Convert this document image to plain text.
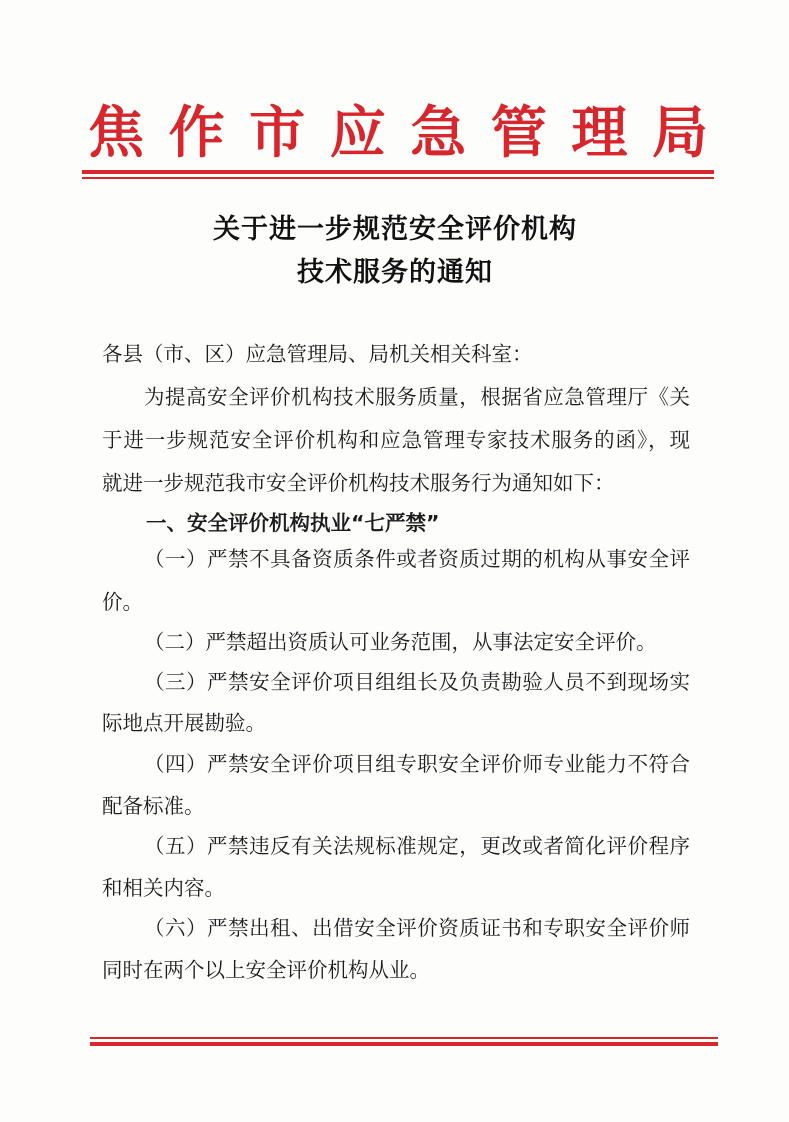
焦 作 市 应 急 管 理 局
关于进一步规范安全评价机构
技术服务的通知
各县（市、区）应急管理局、局机关相关科室：
为提高安全评价机构技术服务质量，根据省应急管理厅《关
于进一步规范安全评价机构和应急管理专家技术服务的函》，现
就进一步规范我市安全评价机构技术服务行为通知如下：
一、安全评价机构执业“七严禁”
（一）严禁不具备资质条件或者资质过期的机构从事安全评
价。
（二）严禁超出资质认可业务范围，从事法定安全评价。
（三）严禁安全评价项目组组长及负责勘验人员不到现场实
际地点开展勘验。
（四）严禁安全评价项目组专职安全评价师专业能力不符合
配备标准。
（五）严禁违反有关法规标准规定，更改或者简化评价程序
和相关内容。
（六）严禁出租、出借安全评价资质证书和专职安全评价师
同时在两个以上安全评价机构从业。
